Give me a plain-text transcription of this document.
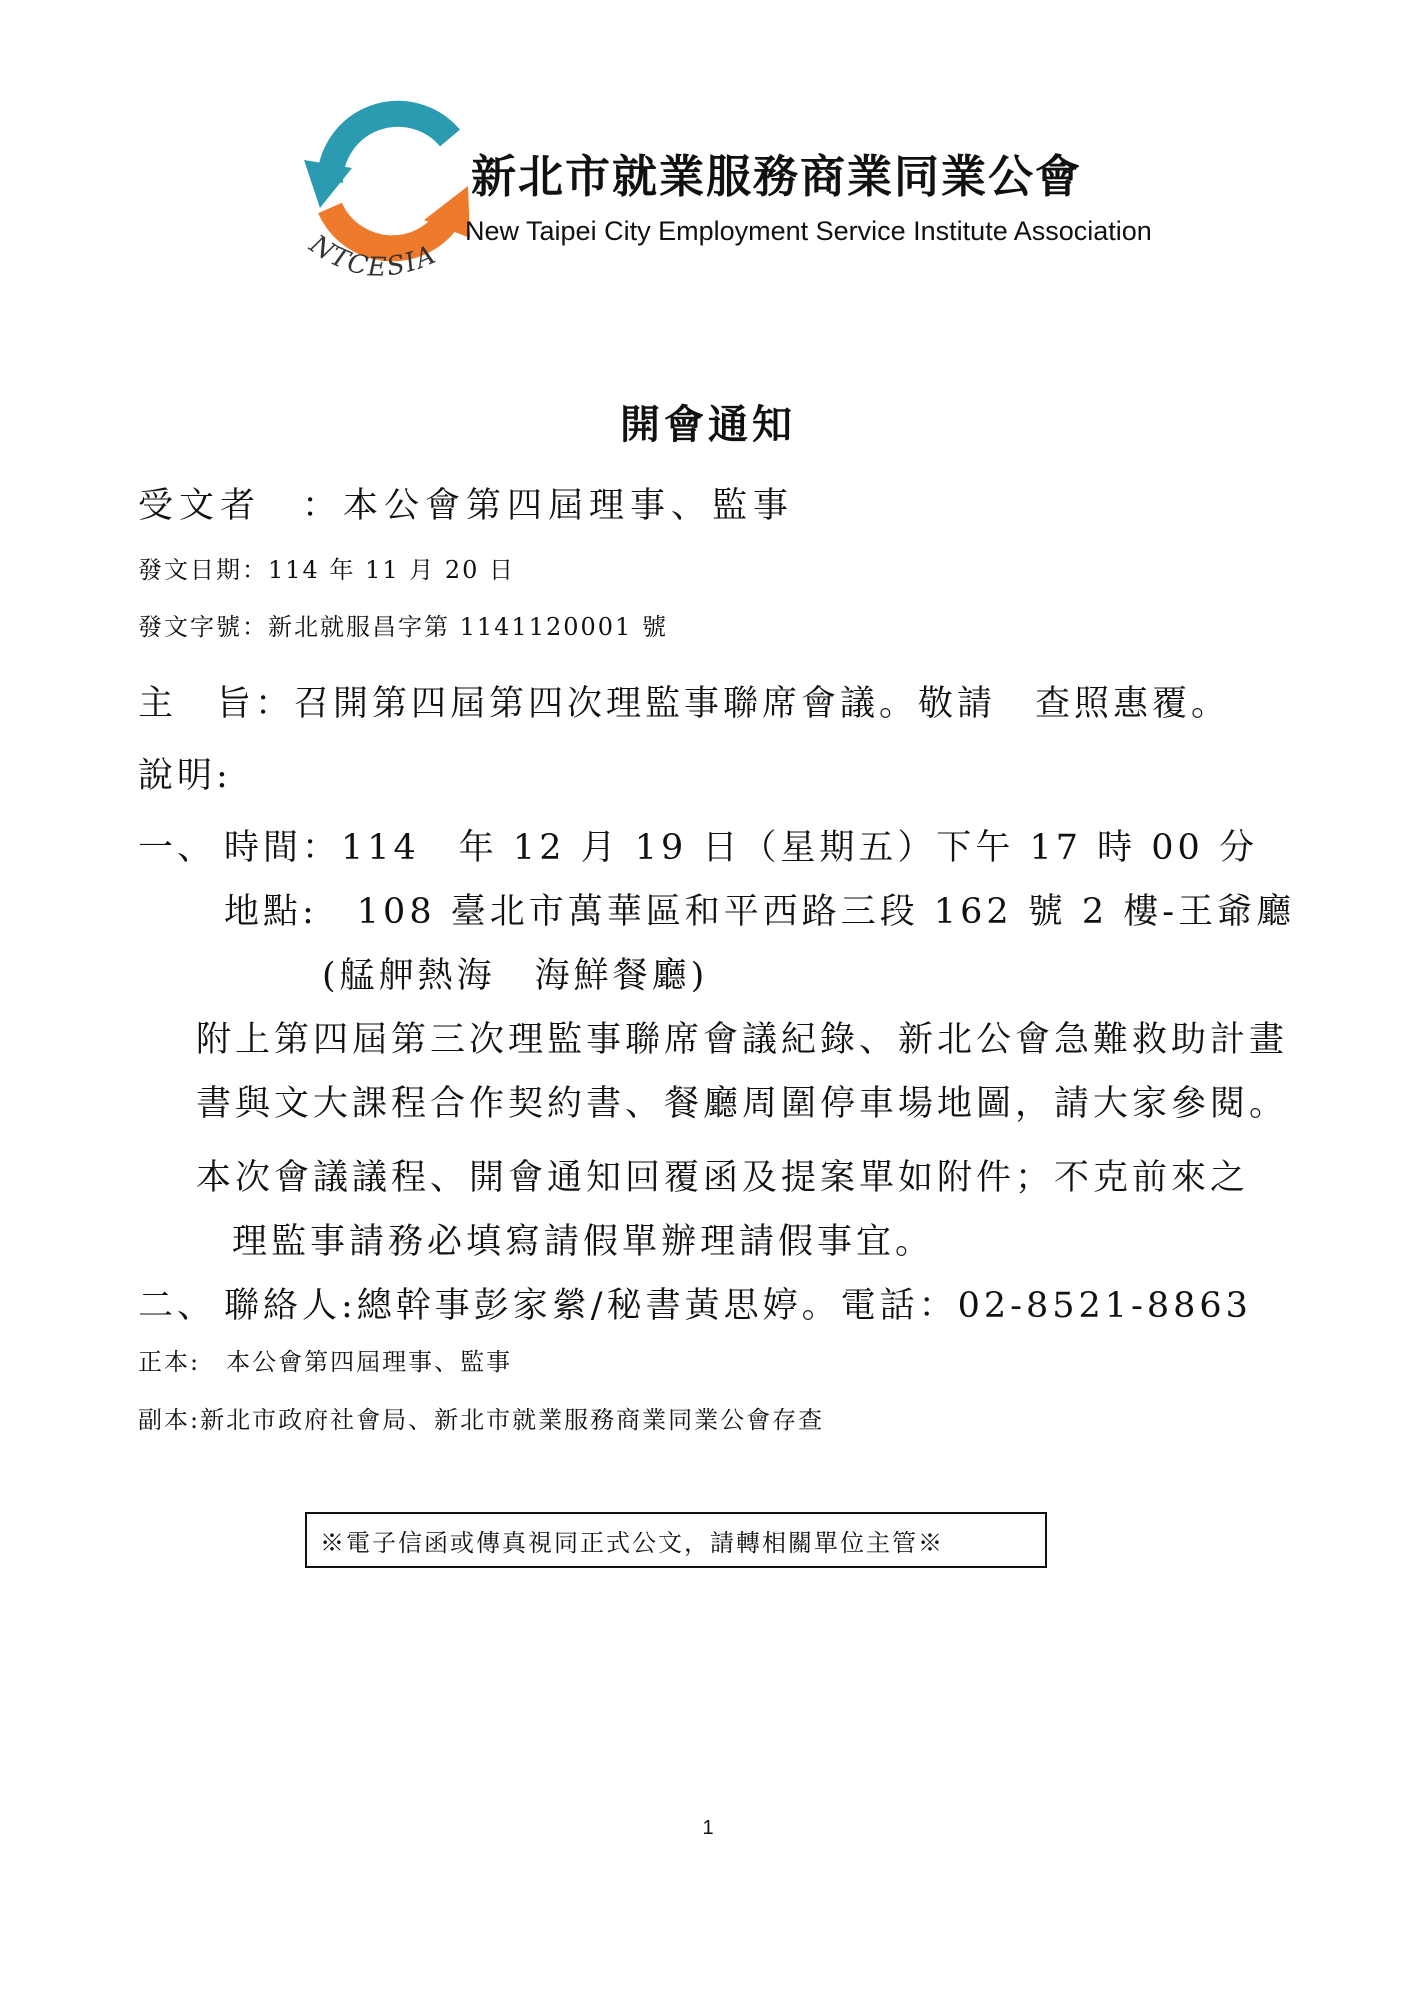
NTCESIA
新北市就業服務商業同業公會
New Taipei City Employment Service Institute Association
開會通知
受文者　：本公會第四屆理事、監事
發文日期：114 年 11 月 20 日
發文字號：新北就服昌字第 1141120001 號
主　旨：召開第四屆第四次理監事聯席會議。敬請　查照惠覆。
說明:
一、 時間：114　年 12 月 19 日（星期五）下午 17 時 00 分
地點:　108 臺北市萬華區和平西路三段 162 號 2 樓-王爺廳
(艋舺熱海　海鮮餐廳)
附上第四屆第三次理監事聯席會議紀錄、新北公會急難救助計畫
書與文大課程合作契約書、餐廳周圍停車場地圖，請大家參閱。
本次會議議程、開會通知回覆函及提案單如附件；不克前來之
理監事請務必填寫請假單辦理請假事宜。
二、 聯絡人:總幹事彭家縈/秘書黃思婷。電話：02-8521-8863
正本:　本公會第四屆理事、監事
副本:新北市政府社會局、新北市就業服務商業同業公會存查
※電子信函或傳真視同正式公文，請轉相關單位主管※
1
